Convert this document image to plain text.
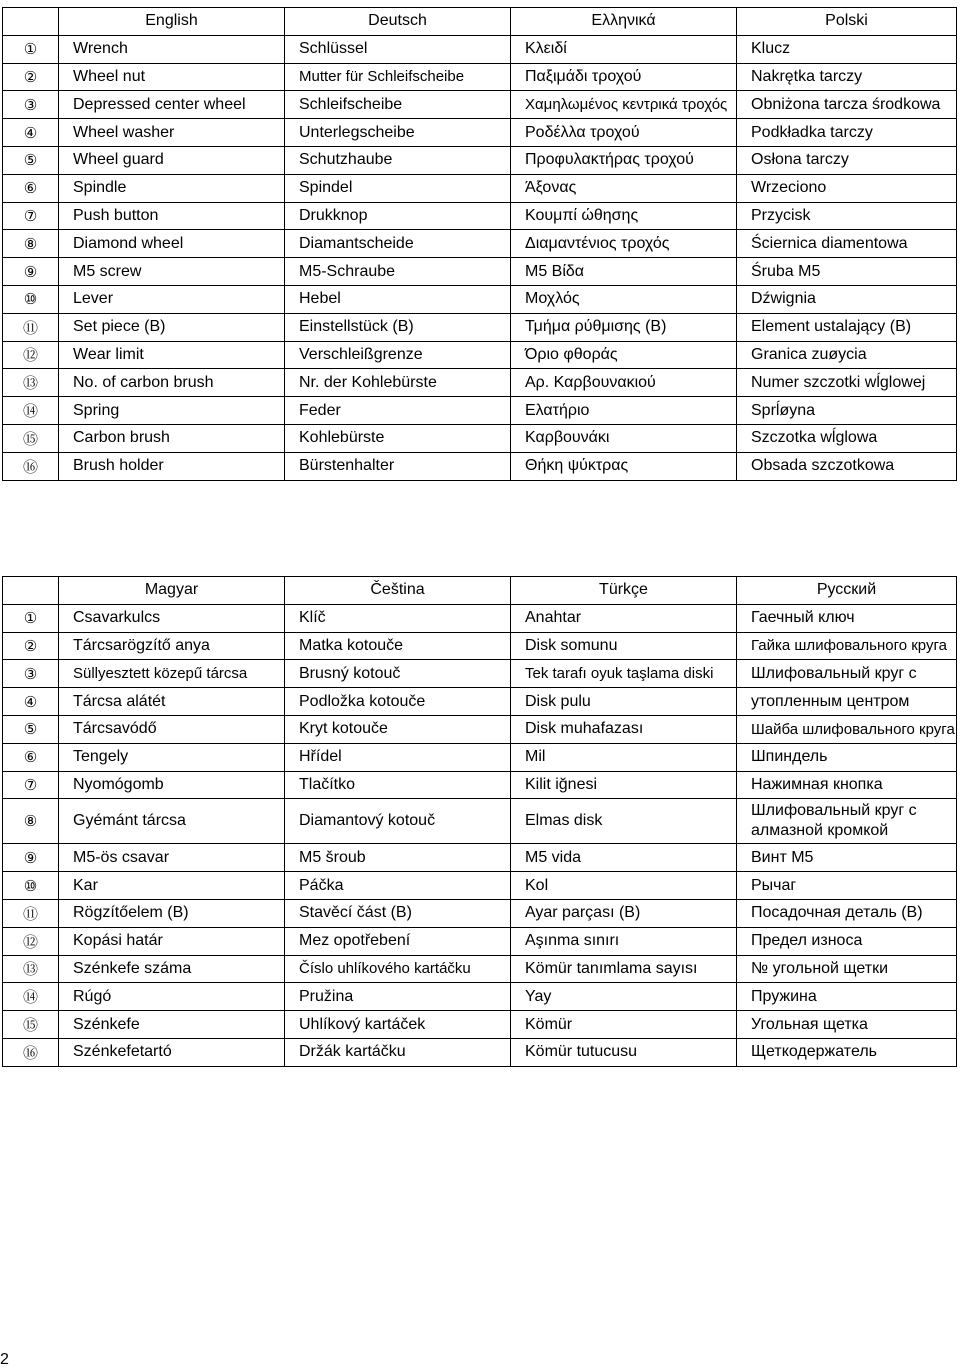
	English	Deutsch	Ελληνικά	Polski
①	Wrench	Schlüssel	Κλειδί	Klucz
②	Wheel nut	Mutter für Schleifscheibe	Παξιμάδι τροχού	Nakrętka tarczy
③	Depressed center wheel	Schleifscheibe	Χαμηλωμένος κεντρικά τροχός	Obniżona tarcza środkowa
④	Wheel washer	Unterlegscheibe	Ροδέλλα τροχού	Podkładka tarczy
⑤	Wheel guard	Schutzhaube	Προφυλακτήρας τροχού	Osłona tarczy
⑥	Spindle	Spindel	Άξονας	Wrzeciono
⑦	Push button	Drukknop	Κουμπί ώθησης	Przycisk
⑧	Diamond wheel	Diamantscheide	Διαμαντένιος τροχός	Ściernica diamentowa
⑨	M5 screw	M5-Schraube	M5 Βίδα	Śruba M5
⑩	Lever	Hebel	Μοχλός	Dźwignia
⑪	Set piece (B)	Einstellstück (B)	Τμήμα ρύθμισης (B)	Element ustalający (B)
⑫	Wear limit	Verschleißgrenze	Όριο φθοράς	Granica zuøycia
⑬	No. of carbon brush	Nr. der Kohlebürste	Αρ. Καρβουνακιού	Numer szczotki wĺglowej
⑭	Spring	Feder	Ελατήριο	Sprĺøyna
⑮	Carbon brush	Kohlebürste	Καρβουνάκι	Szczotka wĺglowa
⑯	Brush holder	Bürstenhalter	Θήκη ψύκτρας	Obsada szczotkowa
	Magyar	Čeština	Türkçe	Русский
①	Csavarkulcs	Klíč	Anahtar	Гаечный ключ
②	Tárcsarögzítő anya	Matka kotouče	Disk somunu	Гайка шлифовального круга
③	Süllyesztett közepű tárcsa	Brusný kotouč	Tek tarafı oyuk taşlama diski	Шлифовальный круг с
④	Tárcsa alátét	Podložka kotouče	Disk pulu	утопленным центром
⑤	Tárcsavódő	Kryt kotouče	Disk muhafazası	Шайба шлифовального круга
⑥	Tengely	Hřídel	Mil	Шпиндель
⑦	Nyomógomb	Tlačítko	Kilit iğnesi	Нажимная кнопка
⑧	Gyémánt tárcsa	Diamantový kotouč	Elmas disk	Шлифовальный круг с алмазной кромкой
⑨	M5-ös csavar	M5 šroub	M5 vida	Винт М5
⑩	Kar	Páčka	Kol	Рычаг
⑪	Rögzítőelem (B)	Stavěcí část (B)	Ayar parçası (B)	Посадочная деталь (B)
⑫	Kopási határ	Mez opotřebení	Aşınma sınırı	Предел износа
⑬	Szénkefe száma	Číslo uhlíkového kartáčku	Kömür tanımlama sayısı	№ угольной щетки
⑭	Rúgó	Pružina	Yay	Пружина
⑮	Szénkefe	Uhlíkový kartáček	Kömür	Угольная щетка
⑯	Szénkefetartó	Držák kartáčku	Kömür tutucusu	Щеткодержатель
2
